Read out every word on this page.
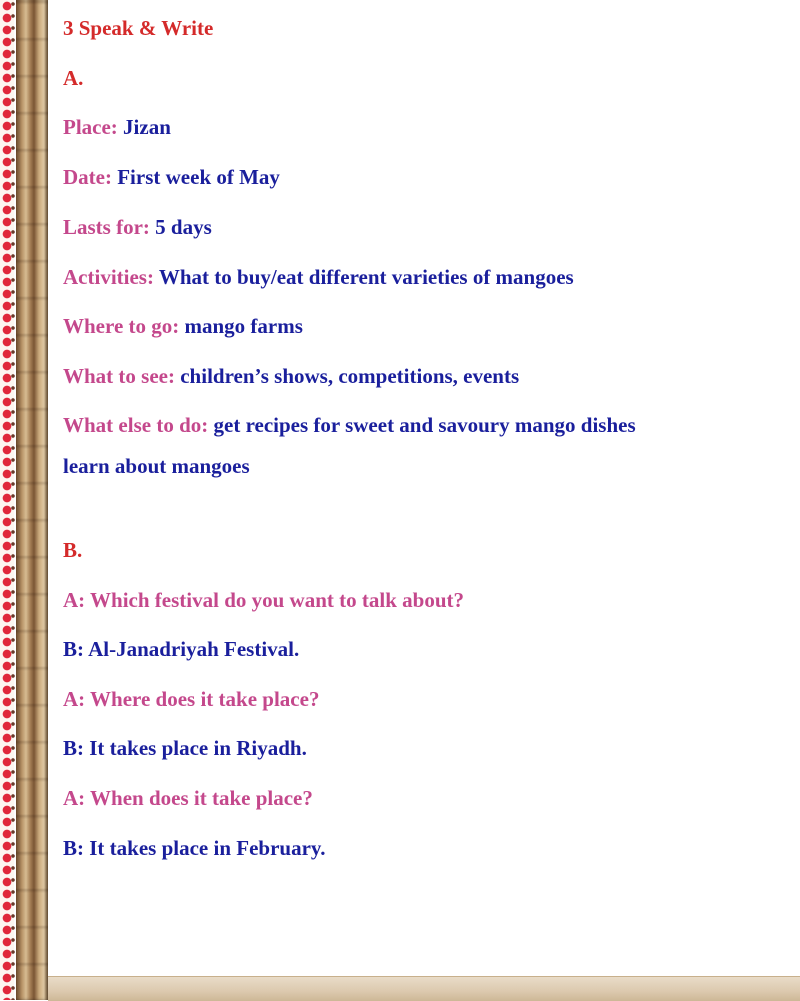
3 Speak & Write
A.
Place: Jizan
Date: First week of May
Lasts for: 5 days
Activities: What to buy/eat different varieties of mangoes
Where to go: mango farms
What to see: children’s shows, competitions, events
What else to do: get recipes for sweet and savoury mango dishes
learn about mangoes
B.
A: Which festival do you want to talk about?
B: Al-Janadriyah Festival.
A: Where does it take place?
B: It takes place in Riyadh.
A: When does it take place?
B: It takes place in February.
